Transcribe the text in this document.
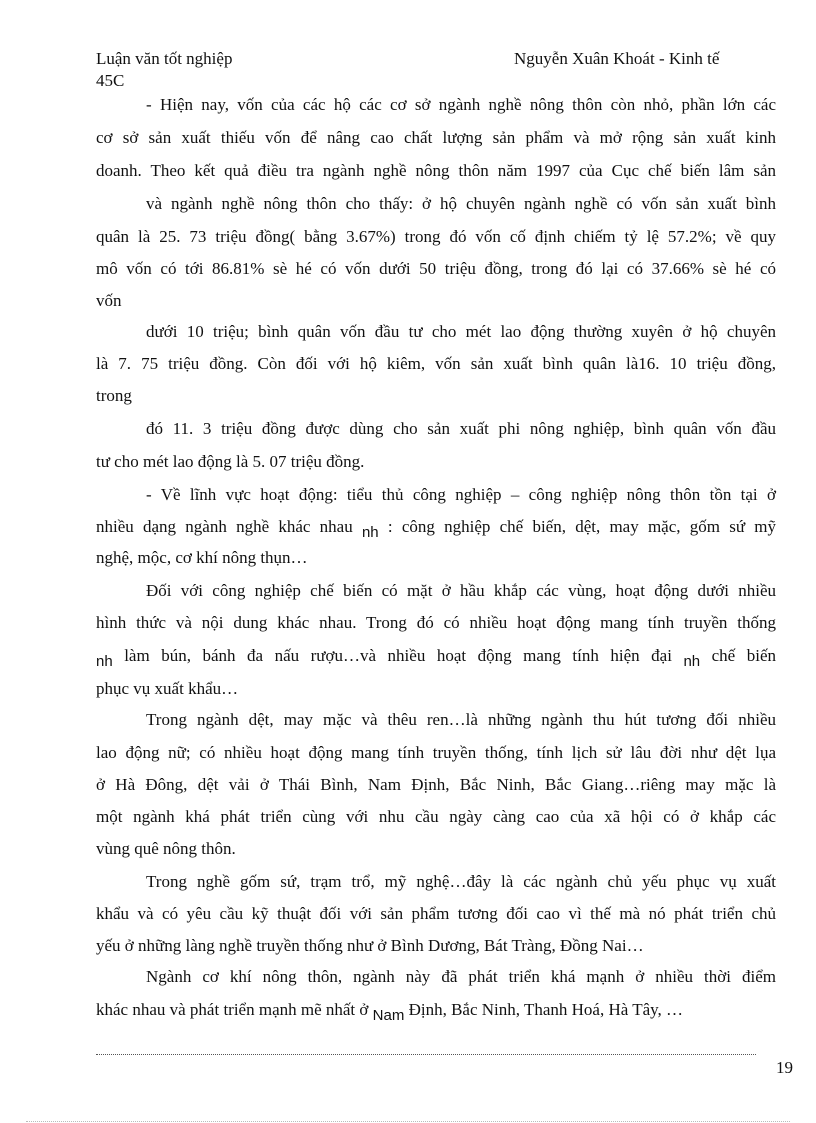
Luận văn tốt nghiệp	Nguyễn Xuân Khoát - Kinh tế
45C
- Hiện nay, vốn của các hộ các cơ sở ngành nghề nông thôn còn nhỏ, phần lớn các
cơ sở sản xuất thiếu vốn để nâng cao chất lượng sản phẩm và mở rộng sản xuất kinh
doanh. Theo kết quả điều tra ngành nghề nông thôn năm 1997 của Cục chế biến lâm sản
và ngành nghề nông thôn cho thấy: ở hộ chuyên ngành nghề có vốn sản xuất bình
quân là 25. 73 triệu đồng( bằng 3.67%) trong đó vốn cố định chiếm tỷ lệ 57.2%; về quy
mô vốn có tới 86.81% sè hé có vốn dưới 50 triệu đồng, trong đó lại có 37.66% sè hé có
vốn
dưới 10 triệu; bình quân vốn đầu tư cho mét lao động thường xuyên ở hộ chuyên
là 7. 75 triệu đồng. Còn đối với hộ kiêm, vốn sản xuất bình quân là16. 10 triệu đồng,
trong
đó 11. 3 triệu đồng được dùng cho sản xuất phi nông nghiệp, bình quân vốn đầu
tư cho mét lao động là 5. 07 triệu đồng.
- Về lĩnh vực hoạt động: tiểu thủ công nghiệp – công nghiệp nông thôn tồn tại ở
nhiều dạng ngành nghề khác nhau nh : công nghiệp chế biến, dệt, may mặc, gốm sứ mỹ
nghệ, mộc, cơ khí nông thụn…
Đối với công nghiệp chế biến có mặt ở hầu khắp các vùng, hoạt động dưới nhiều
hình thức và nội dung khác nhau. Trong đó có nhiều hoạt động mang tính truyền thống
nh làm bún, bánh đa nấu rượu…và nhiều hoạt động mang tính hiện đại nh chế biến
phục vụ xuất khẩu…
Trong ngành dệt, may mặc và thêu ren…là những ngành thu hút tương đối nhiều
lao động nữ; có nhiều hoạt động mang tính truyền thống, tính lịch sử lâu đời như dệt lụa
ở Hà Đông, dệt vải ở Thái Bình, Nam Định, Bắc Ninh, Bắc Giang…riêng may mặc là
một ngành khá phát triển cùng với nhu cầu ngày càng cao của xã hội có ở khắp các
vùng quê nông thôn.
Trong nghề gốm sứ, trạm trổ, mỹ nghệ…đây là các ngành chủ yếu phục vụ xuất
khẩu và có yêu cầu kỹ thuật đối với sản phẩm tương đối cao vì thế mà nó phát triển chủ
yếu ở những làng nghề truyền thống như ở Bình Dương, Bát Tràng, Đồng Nai…
Ngành cơ khí nông thôn, ngành này đã phát triển khá mạnh ở nhiều thời điểm
khác nhau và phát triển mạnh mẽ nhất ở Nam Định, Bắc Ninh, Thanh Hoá, Hà Tây, …
19
